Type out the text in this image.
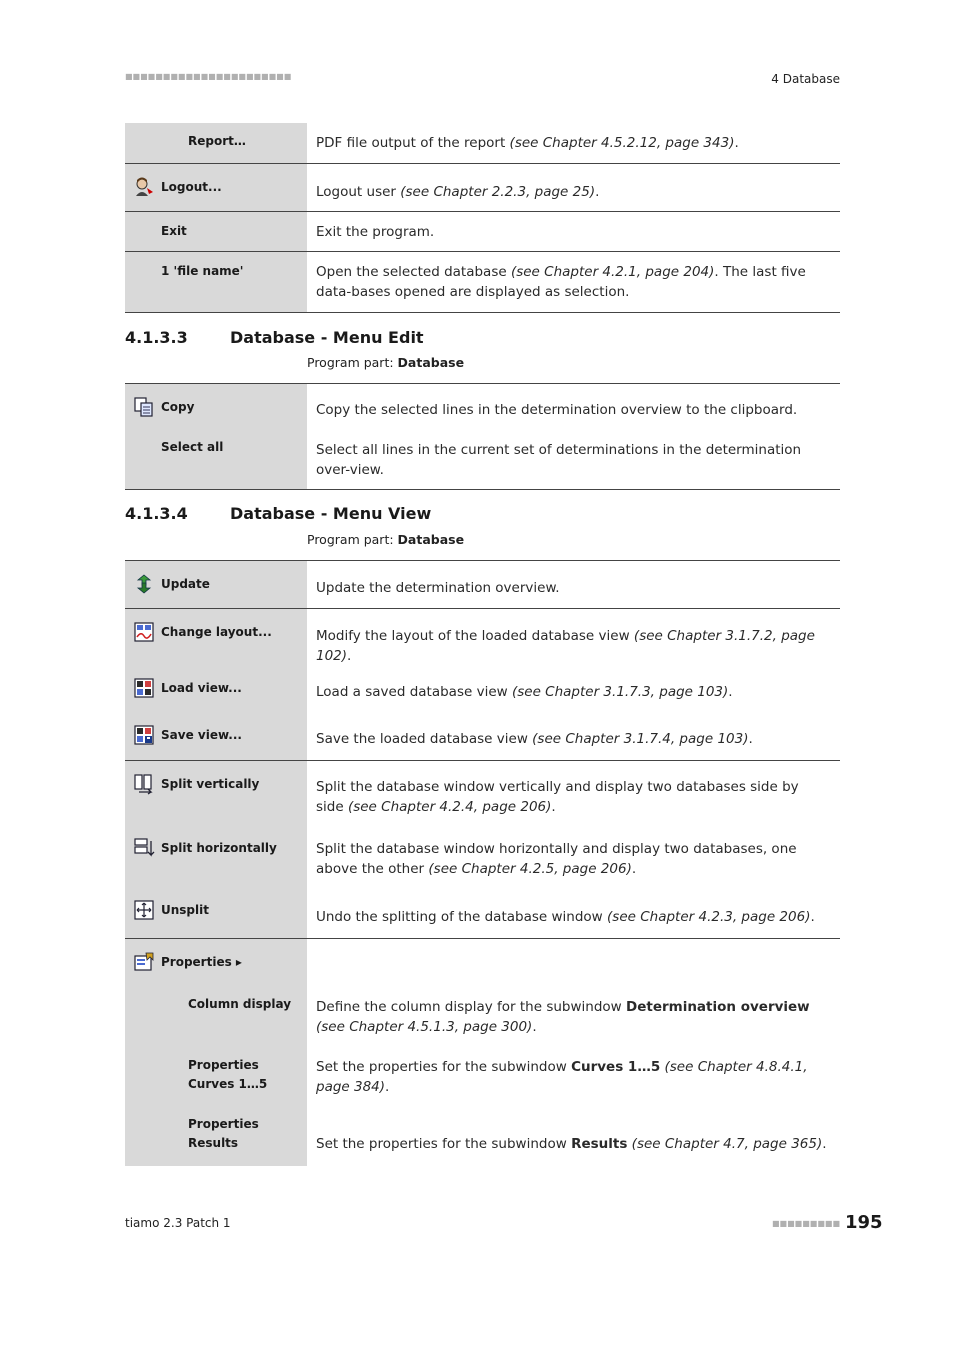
■■■■■■■■■■■■■■■■■■■■■■	4 Database
Report…	PDF file output of the report (see Chapter 4.5.2.12, page 343).

Logout...	Logout user (see Chapter 2.2.3, page 25).

Exit	Exit the program.

1 'file name'	Open the selected database (see Chapter 4.2.1, page 204). The last five data-bases opened are displayed as selection.
4.1.3.3	Database - Menu Edit
Program part: Database
Copy	Copy the selected lines in the determination overview to the clipboard.

Select all	Select all lines in the current set of determinations in the determination over-view.
4.1.3.4	Database - Menu View
Program part: Database
Update	Update the determination overview.

Change layout...	Modify the layout of the loaded database view (see Chapter 3.1.7.2, page 102).

Load view...	Load a saved database view (see Chapter 3.1.7.3, page 103).

Save view...	Save the loaded database view (see Chapter 3.1.7.4, page 103).

Split vertically	Split the database window vertically and display two databases side by side (see Chapter 4.2.4, page 206).

Split horizontally	Split the database window horizontally and display two databases, one above the other (see Chapter 4.2.5, page 206).

Unsplit	Undo the splitting of the database window (see Chapter 4.2.3, page 206).

Properties ▸	

Column display	Define the column display for the subwindow Determination overview (see Chapter 4.5.1.3, page 300).

Properties
Curves 1…5	Set the properties for the subwindow Curves 1…5 (see Chapter 4.8.4.1, page 384).

Properties
Results	Set the properties for the subwindow Results (see Chapter 4.7, page 365).
tiamo 2.3 Patch 1	■■■■■■■■■ 195
